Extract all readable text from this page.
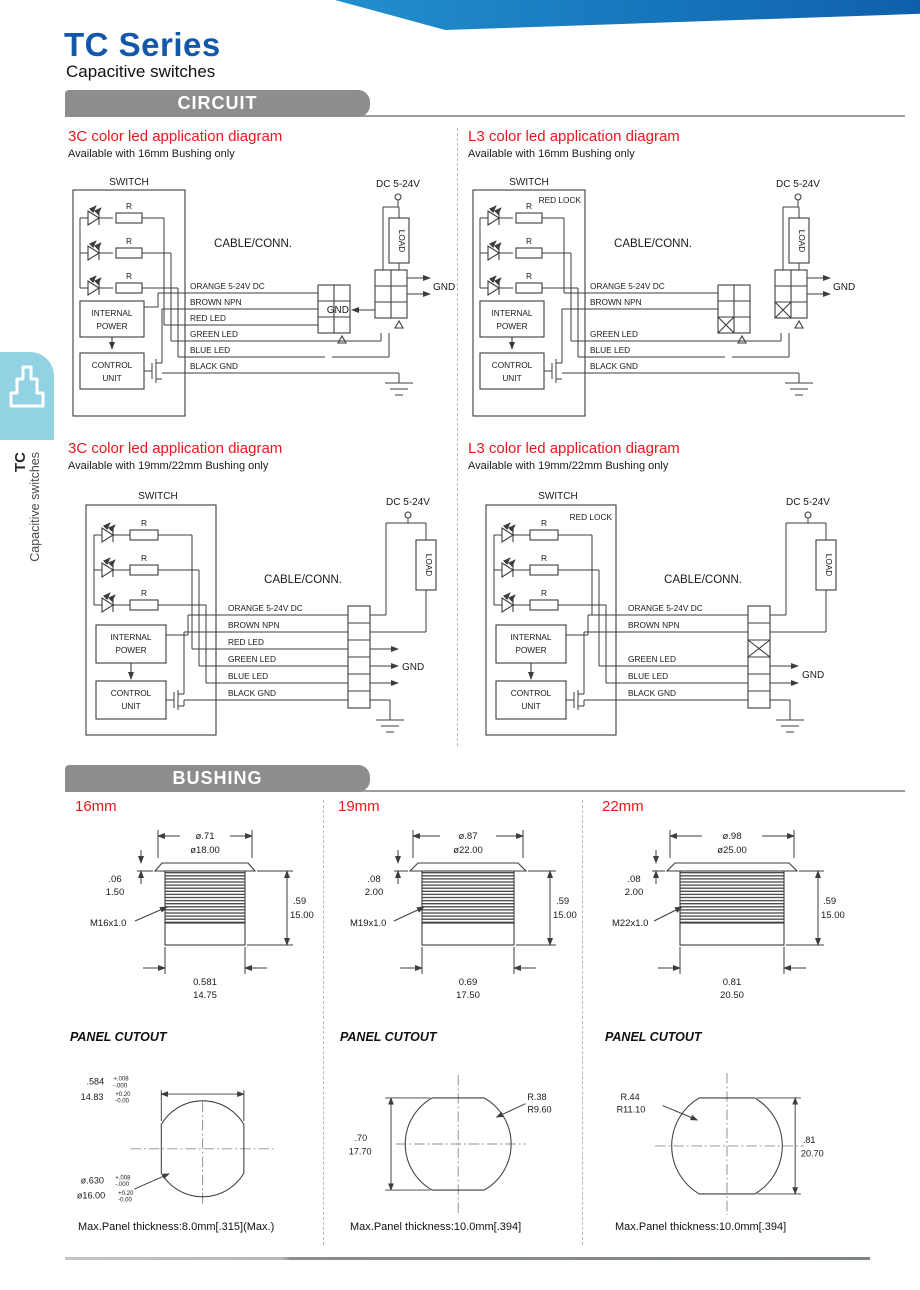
TC Series
Capacitive switches
CIRCUIT
TC Capacitive switches
3C color led application diagram

Available with 16mm Bushing only

SWITCH
R
R
R
INTERNAL
POWER
CONTROL
UNIT
ORANGE 5-24V DC
BROWN NPN
RED LED
GREEN LED
BLUE LED
BLACK GND
CABLE/CONN.
DC 5-24V
LOAD
GND
GND
L3 color led application diagram

Available with 16mm Bushing only

SWITCH
RED LOCK
R
R
R
INTERNAL
POWER
CONTROL
UNIT
ORANGE 5-24V DC
BROWN NPN
GREEN LED
BLUE LED
BLACK GND
CABLE/CONN.
DC 5-24V
LOAD
GND
3C color led application diagram

Available with 19mm/22mm Bushing only

SWITCH
R
R
R
INTERNAL
POWER
CONTROL
UNIT
ORANGE 5-24V DC
BROWN NPN
RED LED
GREEN LED
BLUE LED
BLACK GND
CABLE/CONN.
DC 5-24V
LOAD
GND
L3 color led application diagram

Available with 19mm/22mm Bushing only

SWITCH
RED LOCK
R
R
R
INTERNAL
POWER
CONTROL
UNIT
ORANGE 5-24V DC
BROWN NPN
GREEN LED
BLUE LED
BLACK GND
CABLE/CONN.
DC 5-24V
LOAD
GND
BUSHING
16mm	19mm	22mm
ø.71
ø18.00
.06
1.50
M16x1.0
.59
15.00
0.581
14.75
ø.87
ø22.00
.08
2.00
M19x1.0
.59
15.00
0.69
17.50
ø.98
ø25.00
.08
2.00
M22x1.0
.59
15.00
0.81
20.50
PANEL CUTOUT	PANEL CUTOUT	PANEL CUTOUT
.584 +.008
-.000
14.83 +0.20
-0.00
ø.630 +.008
-.000
ø16.00 +0.20
-0.00
.70
17.70
R.38
R9.60
.81
20.70
R.44
R11.10
Max.Panel thickness:8.0mm[.315](Max.)	Max.Panel thickness:10.0mm[.394]	Max.Panel thickness:10.0mm[.394]
